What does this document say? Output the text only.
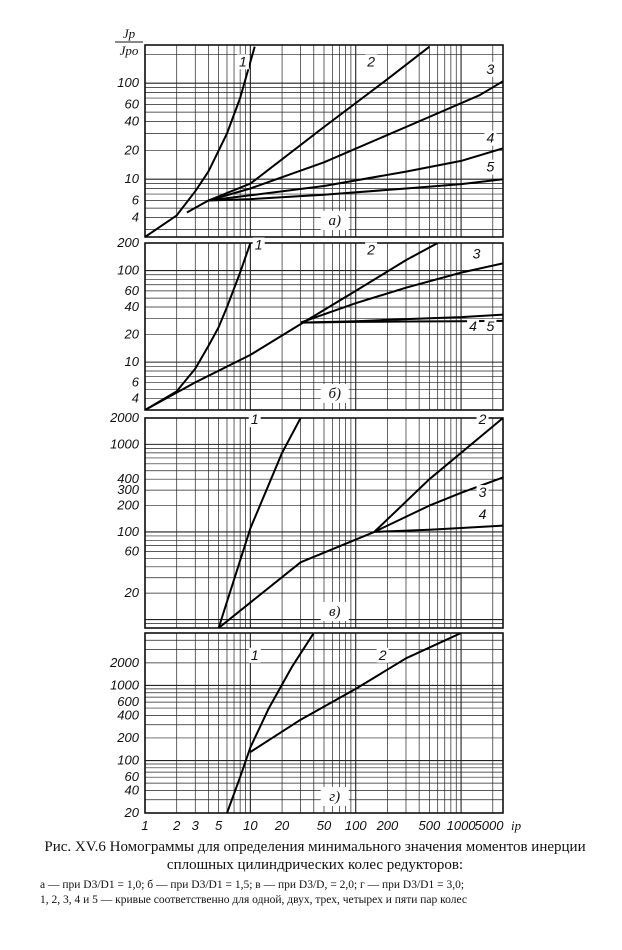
4
6
10
20
40
60
100
Jр
Jро
1	2	3
4
5
а)
4
6
10
20
40
60
100
200	1	2	3
4 5
б)
20
60
100
200
300
400
1000
2000	1	2
3
4
в)
20
40
60
100
200
400
600
1000
2000	1	2
г)
1 2 3 5 10 20 50 100 200 500 1000 5000 iр
Рис. XV.6 Номограммы для определения минимального значения моментов инерции сплошных цилиндрических колес редукторов:
а — при D3/D1 = 1,0; б — при D3/D1 = 1,5; в — при D3/D, = 2,0; г — при D3/D1 = 3,0;
1, 2, 3, 4 и 5 — кривые соответственно для одной, двух, трех, четырех и пяти пар колес
